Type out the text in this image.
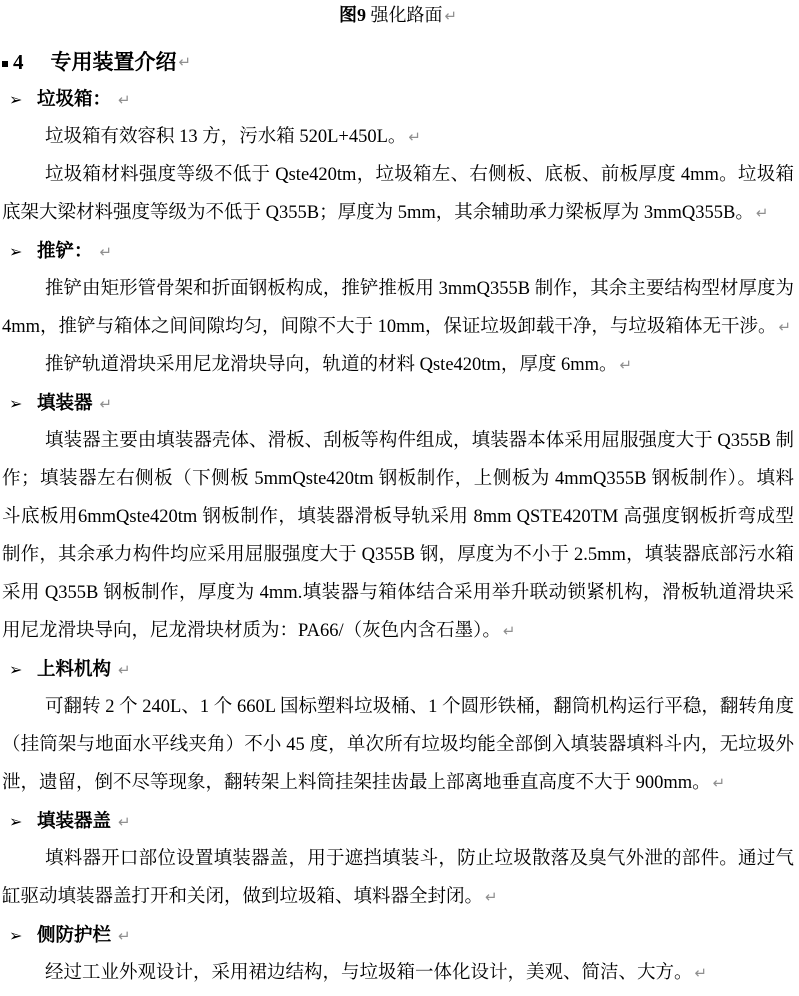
图9 强化路面 ↵
4 专用装置介绍 ↵
➢ 垃圾箱： ↵

垃圾箱有效容积 13 方，污水箱 520L+450L。 ↵

垃圾箱材料强度等级不低于 Qste420tm，垃圾箱左、右侧板、底板、前板厚度 4mm。垃圾箱底架大梁材料强度等级为不低于 Q355B；厚度为 5mm，其余辅助承力梁板厚为 3mmQ355B。 ↵

➢ 推铲： ↵

推铲由矩形管骨架和折面钢板构成，推铲推板用 3mmQ355B 制作，其余主要结构型材厚度为 4mm，推铲与箱体之间间隙均匀，间隙不大于 10mm，保证垃圾卸载干净，与垃圾箱体无干涉。 ↵

推铲轨道滑块采用尼龙滑块导向，轨道的材料 Qste420tm，厚度 6mm。 ↵

➢ 填装器 ↵

填装器主要由填装器壳体、滑板、刮板等构件组成，填装器本体采用屈服强度大于 Q355B 制作；填装器左右侧板（下侧板 5mmQste420tm 钢板制作，上侧板为 4mmQ355B 钢板制作）。填料斗底板用6mmQste420tm 钢板制作，填装器滑板导轨采用 8mm QSTE420TM 高强度钢板折弯成型制作，其余承力构件均应采用屈服强度大于 Q355B 钢，厚度为不小于 2.5mm，填装器底部污水箱采用 Q355B 钢板制作，厚度为 4mm.填装器与箱体结合采用举升联动锁紧机构，滑板轨道滑块采用尼龙滑块导向，尼龙滑块材质为：PA66/（灰色内含石墨）。 ↵

➢ 上料机构 ↵

可翻转 2 个 240L、1 个 660L 国标塑料垃圾桶、1 个圆形铁桶，翻筒机构运行平稳，翻转角度（挂筒架与地面水平线夹角）不小 45 度，单次所有垃圾均能全部倒入填装器填料斗内，无垃圾外泄，遗留，倒不尽等现象，翻转架上料筒挂架挂齿最上部离地垂直高度不大于 900mm。 ↵

➢ 填装器盖 ↵

填料器开口部位设置填装器盖，用于遮挡填装斗，防止垃圾散落及臭气外泄的部件。通过气缸驱动填装器盖打开和关闭，做到垃圾箱、填料器全封闭。 ↵

➢ 侧防护栏 ↵

经过工业外观设计，采用裙边结构，与垃圾箱一体化设计，美观、简洁、大方。 ↵
